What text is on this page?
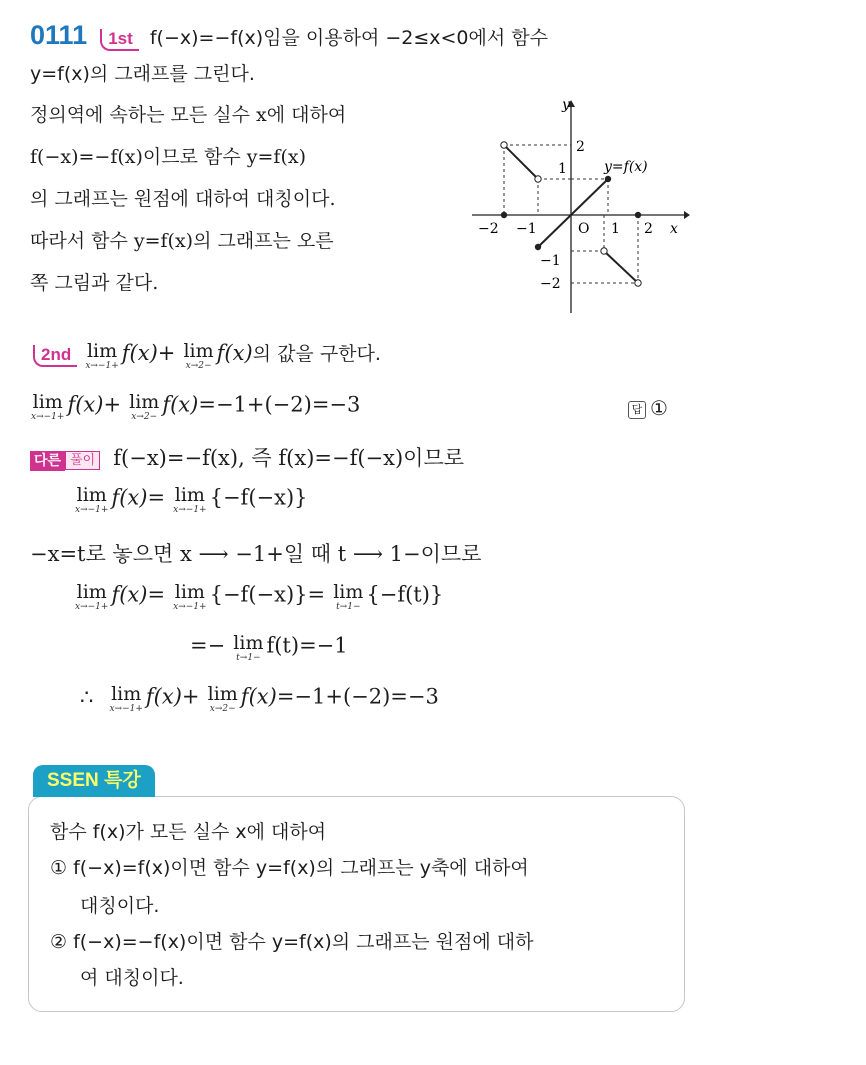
0111 1st f(−x)=−f(x)임을 이용하여 −2≤x<0에서 함수
y=f(x)의 그래프를 그린다.
정의역에 속하는 모든 실수 x에 대하여
f(−x)=−f(x)이므로 함수 y=f(x)
의 그래프는 원점에 대하여 대칭이다.
따라서 함수 y=f(x)의 그래프는 오른
쪽 그림과 같다.
y
x
O
y=f(x)
2
1
−1
−2
−2 −1	1 2
2nd lim
x→−1+
f(x)+ lim
x→2−
f(x)의 값을 구한다.
lim
x→−1+
f(x)+ lim
x→2−
f(x)=−1+(−2)=−3	답 ①
다른 풀이 f(−x)=−f(x), 즉 f(x)=−f(−x)이므로
lim
x→−1+
f(x)= lim
x→−1+
{−f(−x)}
−x=t로 놓으면 x ⟶ −1+일 때 t ⟶ 1−이므로
lim
x→−1+
f(x)= lim
x→−1+
{−f(−x)}= lim
t→1−
{−f(t)}
=− lim
t→1−
f(t)=−1
∴ lim
x→−1+
f(x)+ lim
x→2−
f(x)=−1+(−2)=−3
SSEN 특강
함수 f(x)가 모든 실수 x에 대하여
① f(−x)=f(x)이면 함수 y=f(x)의 그래프는 y축에 대하여
대칭이다.
② f(−x)=−f(x)이면 함수 y=f(x)의 그래프는 원점에 대하
여 대칭이다.
